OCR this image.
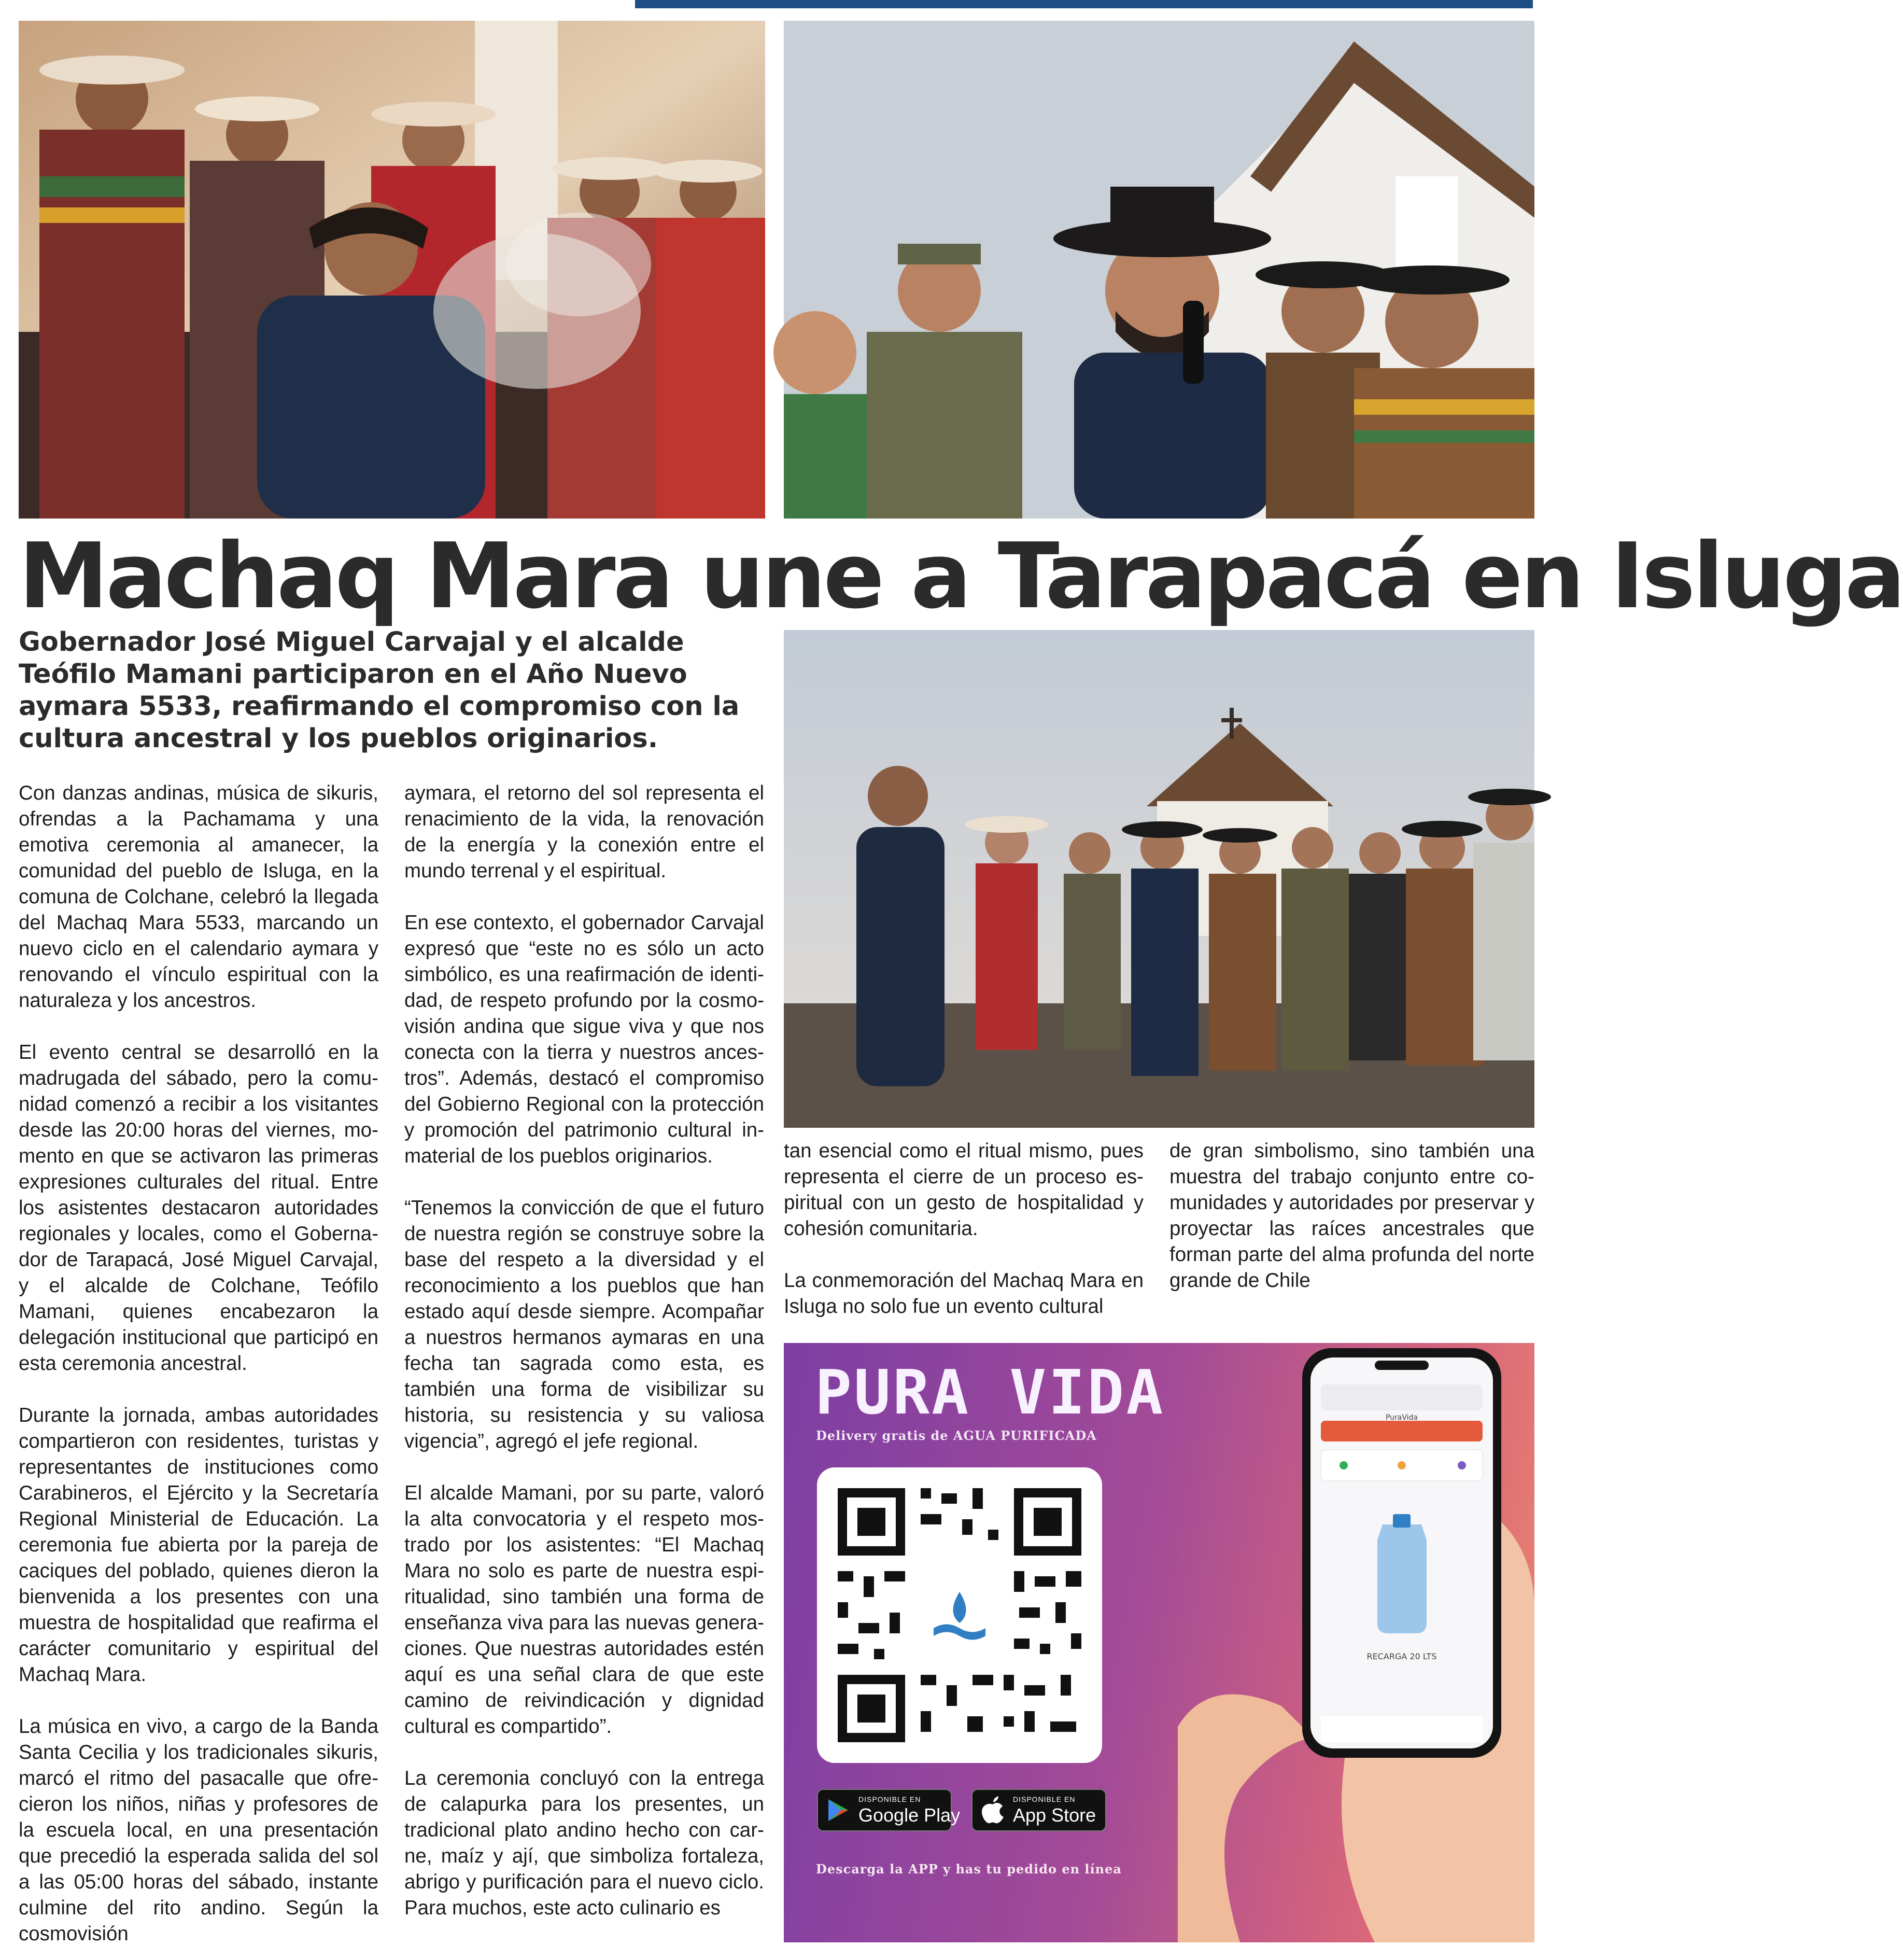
Machaq Mara une a Tarapacá en Isluga
Gobernador José Miguel Carvajal y el alcalde Teófilo Mamani participaron en el Año Nuevo aymara 5533, reafirmando el compromiso con la cultura ancestral y los pueblos originarios.

Con danzas andinas, música de sikuris, ofrendas a la Pachamama y una emotiva ceremonia al amanecer, la comunidad del pueblo de Isluga, en la comuna de Colchane, celebró la llegada del Machaq Mara 5533, marcando un nuevo ciclo en el calendario aymara y renovando el vínculo espiritual con la naturaleza y los ancestros.

El evento central se desarrolló en la madrugada del sábado, pero la comunidad comenzó a recibir a los visitantes desde las 20:00 horas del viernes, momento en que se activaron las primeras expresiones culturales del ritual. Entre los asistentes destacaron autoridades regionales y locales, como el Gobernador de Tarapacá, José Miguel Carvajal, y el alcalde de Colchane, Teófilo Mamani, quienes encabezaron la delegación institucional que participó en esta ceremonia ancestral.

Durante la jornada, ambas autoridades compartieron con residentes, turistas y representantes de instituciones como Carabineros, el Ejército y la Secretaría Regional Ministerial de Educación. La ceremonia fue abierta por la pareja de caciques del poblado, quienes dieron la bienvenida a los presentes con una muestra de hospitalidad que reafirma el carácter comunitario y espiritual del Machaq Mara.

La música en vivo, a cargo de la Banda Santa Cecilia y los tradicionales sikuris, marcó el ritmo del pasacalle que ofrecieron los niños, niñas y profesores de la escuela local, en una presentación que precedió la esperada salida del sol a las 05:00 horas del sábado, instante culmine del rito andino. Según la cosmovisión

aymara, el retorno del sol representa el renacimiento de la vida, la renovación de la energía y la conexión entre el mundo terrenal y el espiritual.

En ese contexto, el gobernador Carvajal expresó que “este no es sólo un acto simbólico, es una reafirmación de identidad, de respeto profundo por la cosmovisión andina que sigue viva y que nos conecta con la tierra y nuestros ancestros”. Además, destacó el compromiso del Gobierno Regional con la protección y promoción del patrimonio cultural inmaterial de los pueblos originarios.

“Tenemos la convicción de que el futuro de nuestra región se construye sobre la base del respeto a la diversidad y el reconocimiento a los pueblos que han estado aquí desde siempre. Acompañar a nuestros hermanos aymaras en una fecha tan sagrada como esta, es también una forma de visibilizar su historia, su resistencia y su valiosa vigencia”, agregó el jefe regional.

El alcalde Mamani, por su parte, valoró la alta convocatoria y el respeto mostrado por los asistentes: “El Machaq Mara no solo es parte de nuestra espiritualidad, sino también una forma de enseñanza viva para las nuevas generaciones. Que nuestras autoridades estén aquí es una señal clara de que este camino de reivindicación y dignidad cultural es compartido”.

La ceremonia concluyó con la entrega de calapurka para los presentes, un tradicional plato andino hecho con carne, maíz y ají, que simboliza fortaleza, abrigo y purificación para el nuevo ciclo. Para muchos, este acto culinario es

tan esencial como el ritual mismo, pues representa el cierre de un proceso espiritual con un gesto de hospitalidad y cohesión comunitaria.

La conmemoración del Machaq Mara en Isluga no solo fue un evento cultural

de gran simbolismo, sino también una muestra del trabajo conjunto entre comunidades y autoridades por preservar y proyectar las raíces ancestrales que forman parte del alma profunda del norte grande de Chile

PURA VIDA
Delivery gratis de AGUA PURIFICADA
DISPONIBLE EN
Google Play
DISPONIBLE EN
App Store
Descarga la APP y has tu pedido en línea
PuraVida
RECARGA 20 LTS
